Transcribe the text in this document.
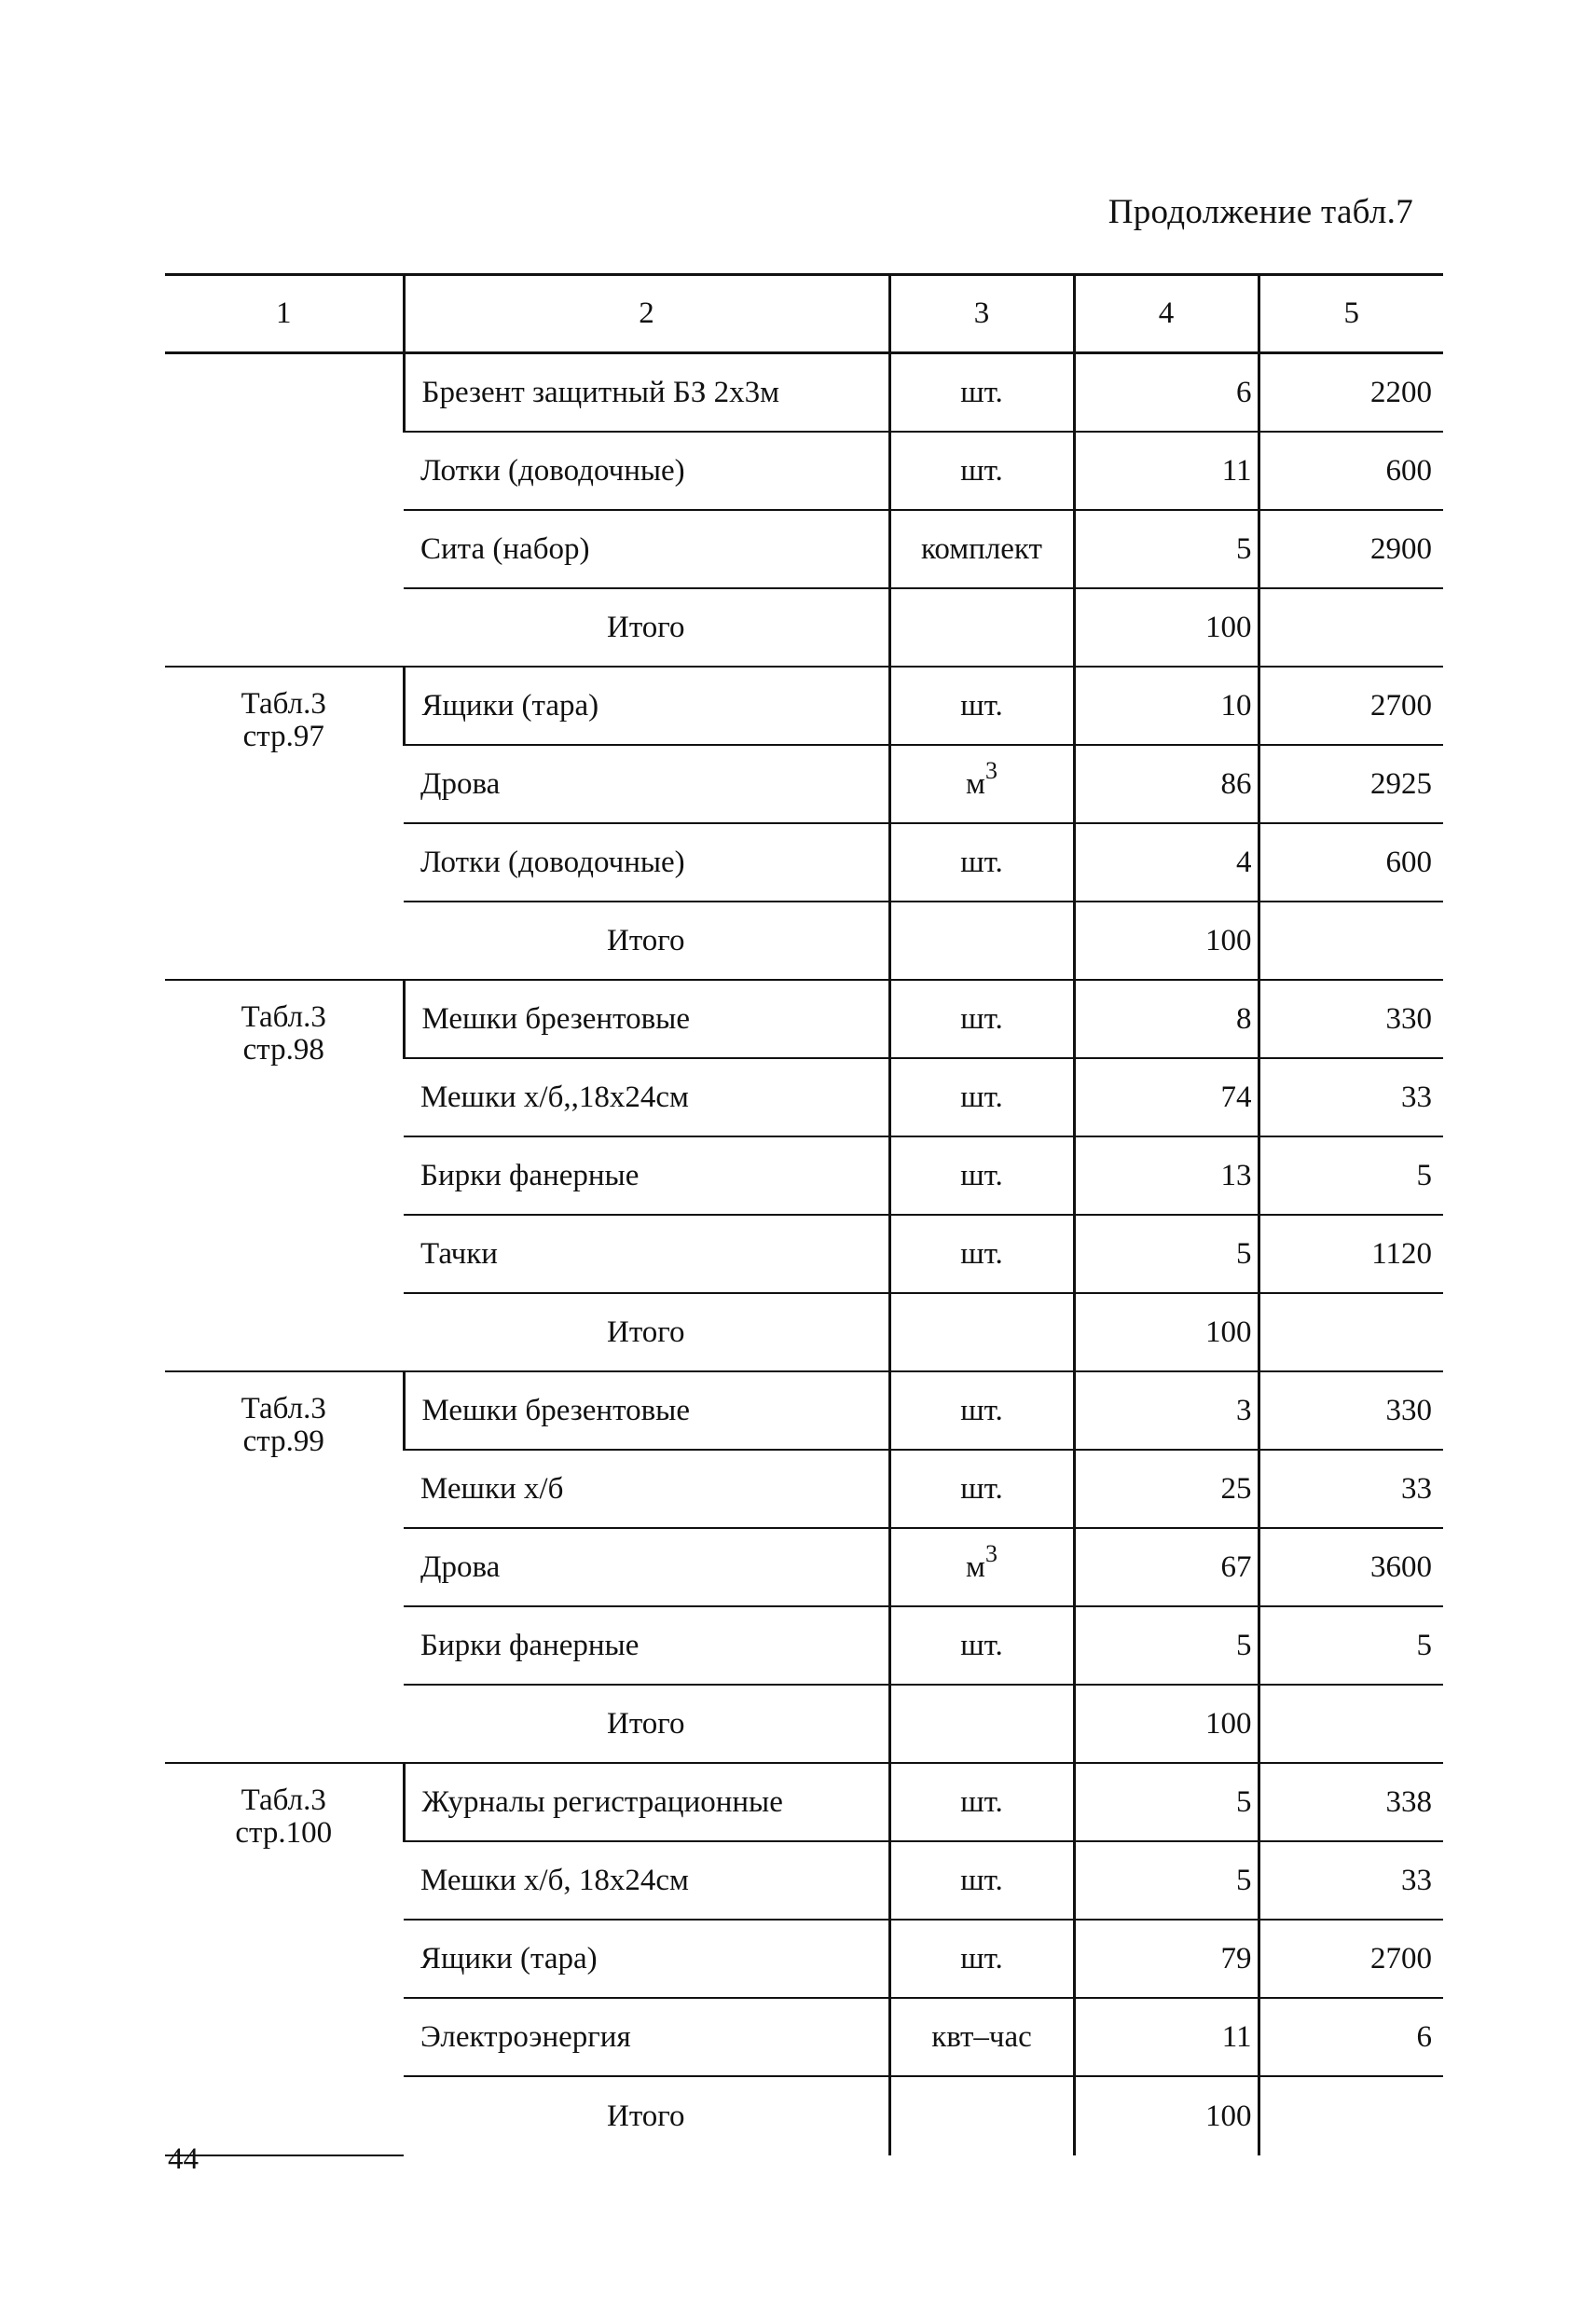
Продолжение табл.7
1	2	3	4	5
	Брезент защитный БЗ 2х3м	шт.	6	2200
	Лотки (доводочные)	шт.	11	600
	Сита (набор)	комплект	5	2900
	Итого		100	

Табл.3
стр.97	Ящики (тара)	шт.	10	2700
	Дрова	$м^3$	86	2925
	Лотки (доводочные)	шт.	4	600
	Итого		100	

Табл.3
стр.98	Мешки брезентовые	шт.	8	330
	Мешки х/б,,18х24см	шт.	74	33
	Бирки фанерные	шт.	13	5
	Тачки	шт.	5	1120
	Итого		100	

Табл.3
стр.99	Мешки брезентовые	шт.	3	330
	Мешки х/б	шт.	25	33
	Дрова	$м^3$	67	3600
	Бирки фанерные	шт.	5	5
	Итого		100	

Табл.3
стр.100	Журналы регистрационные	шт.	5	338
	Мешки х/б, 18х24см	шт.	5	33
	Ящики (тара)	шт.	79	2700
	Электроэнергия	квт–час	11	6
	Итого		100	
44
